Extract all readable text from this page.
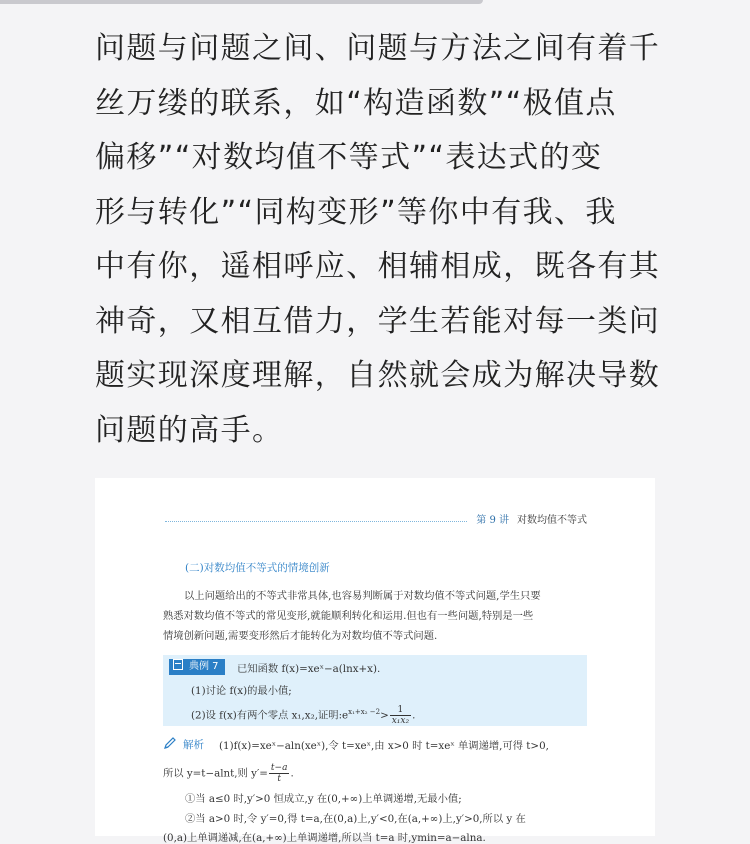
问题与问题之间、问题与方法之间有着千
丝万缕的联系，如“构造函数”“极值点
偏移”“对数均值不等式”“表达式的变
形与转化”“同构变形”等你中有我、我
中有你，遥相呼应、相辅相成，既各有其
神奇，又相互借力，学生若能对每一类问
题实现深度理解，自然就会成为解决导数
问题的高手。
第 9 讲 对数均值不等式
(二)对数均值不等式的情境创新
以上问题给出的不等式非常具体,也容易判断属于对数均值不等式问题,学生只要
熟悉对数均值不等式的常见变形,就能顺利转化和运用.但也有一些问题,特别是一些
情境创新问题,需要变形然后才能转化为对数均值不等式问题.
典例 7	已知函数 f(x)=xeˣ−a(lnx+x).
(1)讨论 f(x)的最小值;
(2)设 f(x)有两个零点 x₁,x₂,证明$:e^{x_1+x_2 -2}> \frac{1}{\text{x₁x₂}}$ .
解析 (1)f(x)=xeˣ−aln(xeˣ),令 t=xeˣ,由 x>0 时 t=xeˣ 单调递增,可得 t>0,
所以 y=t−alnt,则 $y'= \frac{t-a}{t}$ .
①当 a≤0 时,y′>0 恒成立,y 在(0,+∞)上单调递增,无最小值;
②当 a>0 时,令 y′=0,得 t=a,在(0,a)上,y′<0,在(a,+∞)上,y′>0,所以 y 在
(0,a)上单调递减,在(a,+∞)上单调递增,所以当 t=a 时,ymin=a−alna.
